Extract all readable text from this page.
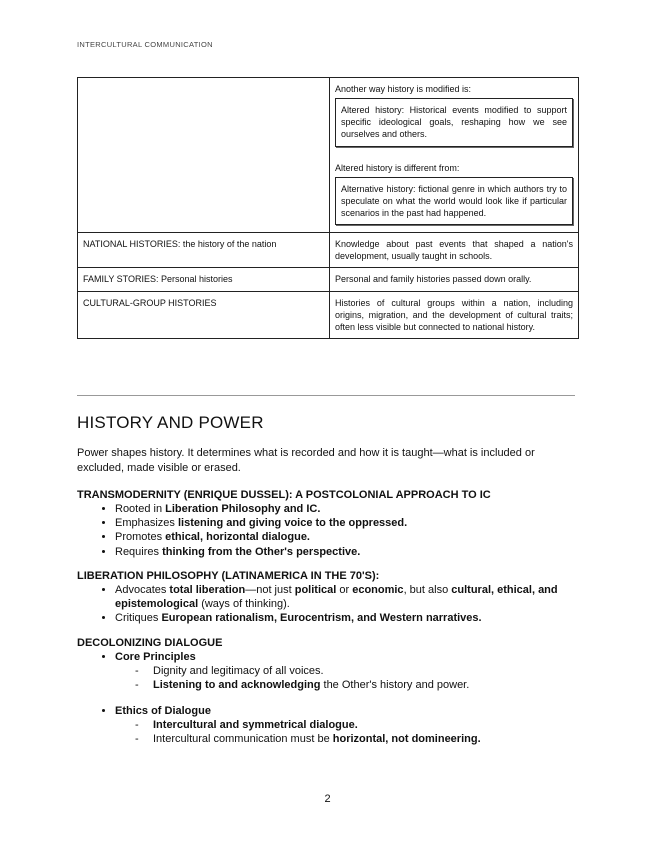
INTERCULTURAL COMMUNICATION

	Another way history is modified is:
Altered history: Historical events modified to support specific ideological goals, reshaping how we see ourselves and others.
Altered history is different from:
Alternative history: fictional genre in which authors try to speculate on what the world would look like if particular scenarios in the past had happened.

NATIONAL HISTORIES: the history of the nation	Knowledge about past events that shaped a nation's development, usually taught in schools.
FAMILY STORIES: Personal histories	Personal and family histories passed down orally.
CULTURAL-GROUP HISTORIES	Histories of cultural groups within a nation, including origins, migration, and the development of cultural traits; often less visible but connected to national history.
HISTORY AND POWER
Power shapes history. It determines what is recorded and how it is taught—what is included or excluded, made visible or erased.
TRANSMODERNITY (ENRIQUE DUSSEL): A POSTCOLONIAL APPROACH TO IC
• Rooted in Liberation Philosophy and IC.
• Emphasizes listening and giving voice to the oppressed.
• Promotes ethical, horizontal dialogue.
• Requires thinking from the Other's perspective.
LIBERATION PHILOSOPHY (LATINAMERICA IN THE 70'S):
• Advocates total liberation—not just political or economic, but also cultural, ethical, and epistemological (ways of thinking).
• Critiques European rationalism, Eurocentrism, and Western narratives.
DECOLONIZING DIALOGUE
• Core Principles
- Dignity and legitimacy of all voices.
- Listening to and acknowledging the Other's history and power.
• Ethics of Dialogue
- Intercultural and symmetrical dialogue.
- Intercultural communication must be horizontal, not domineering.
2
